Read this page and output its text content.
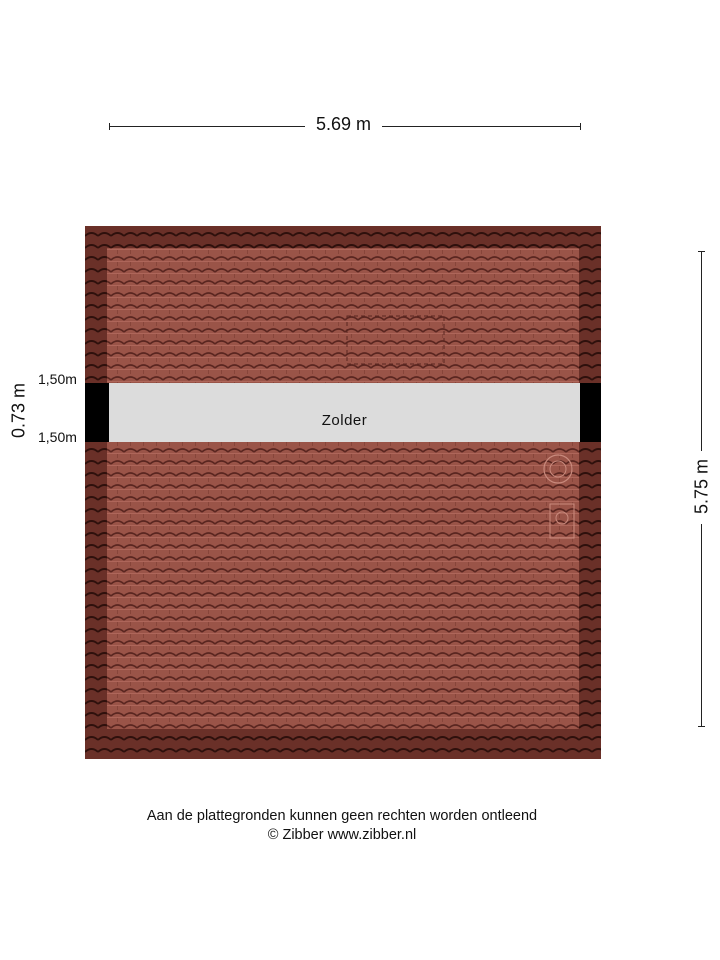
5.69 m
5.75 m
0.73 m
1,50m
1,50m
Zolder
Aan de plattegronden kunnen geen rechten worden ontleend
© Zibber www.zibber.nl
